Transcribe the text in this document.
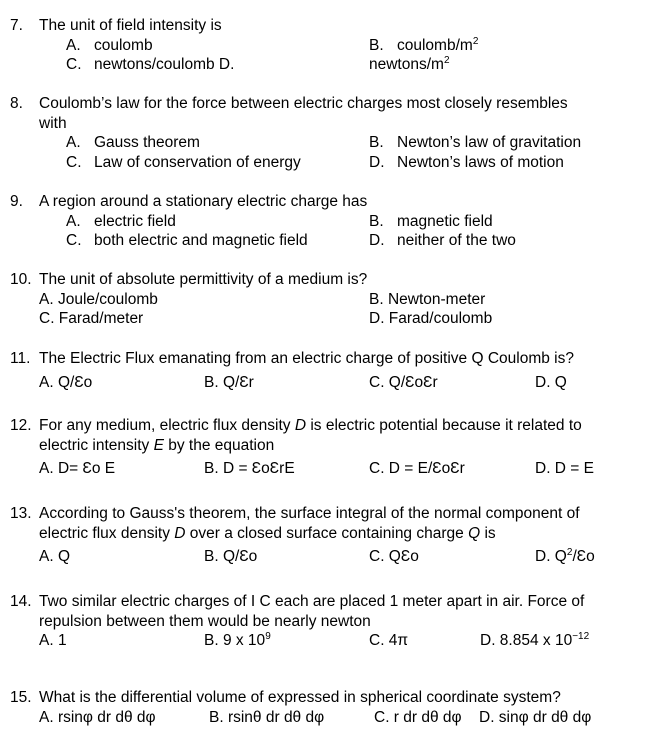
7. The unit of field intensity is
A. coulomb	B. coulomb/$m^2$
C. newtons/coulomb D.	newtons/$m^2$
8. Coulomb’s law for the force between electric charges most closely resembles
with
A. Gauss theorem	B. Newton’s law of gravitation
C. Law of conservation of energy	D. Newton’s laws of motion
9. A region around a stationary electric charge has
A. electric field	B. magnetic field
C. both electric and magnetic field	D. neither of the two
10. The unit of absolute permittivity of a medium is?
A. Joule/coulomb	B. Newton-meter
C. Farad/meter	D. Farad/coulomb
11. The Electric Flux emanating from an electric charge of positive Q Coulomb is?
A. Q/Ɛo	B. Q/Ɛr	C. Q/ƐoƐr	D. Q
12. For any medium, electric flux density D is electric potential because it related to
electric intensity E by the equation
A. D= Ɛo E	B. D = ƐoƐrE	C. D = E/ƐoƐr	D. D = E
13. According to Gauss's theorem, the surface integral of the normal component of
electric flux density D over a closed surface containing charge Q is
A. Q	B. Q/Ɛo	C. QƐo	D. $Q^2/Ɛo$
14. Two similar electric charges of I C each are placed 1 meter apart in air. Force of
repulsion between them would be nearly newton
A. 1	B. 9 x $10^9$	C. 4π	D. 8.854 x $10^{-12}$
15. What is the differential volume of expressed in spherical coordinate system?
A. rsinφ dr dθ dφ	B. rsinθ dr dθ dφ	C. r dr dθ dφ D. sinφ dr dθ dφ
